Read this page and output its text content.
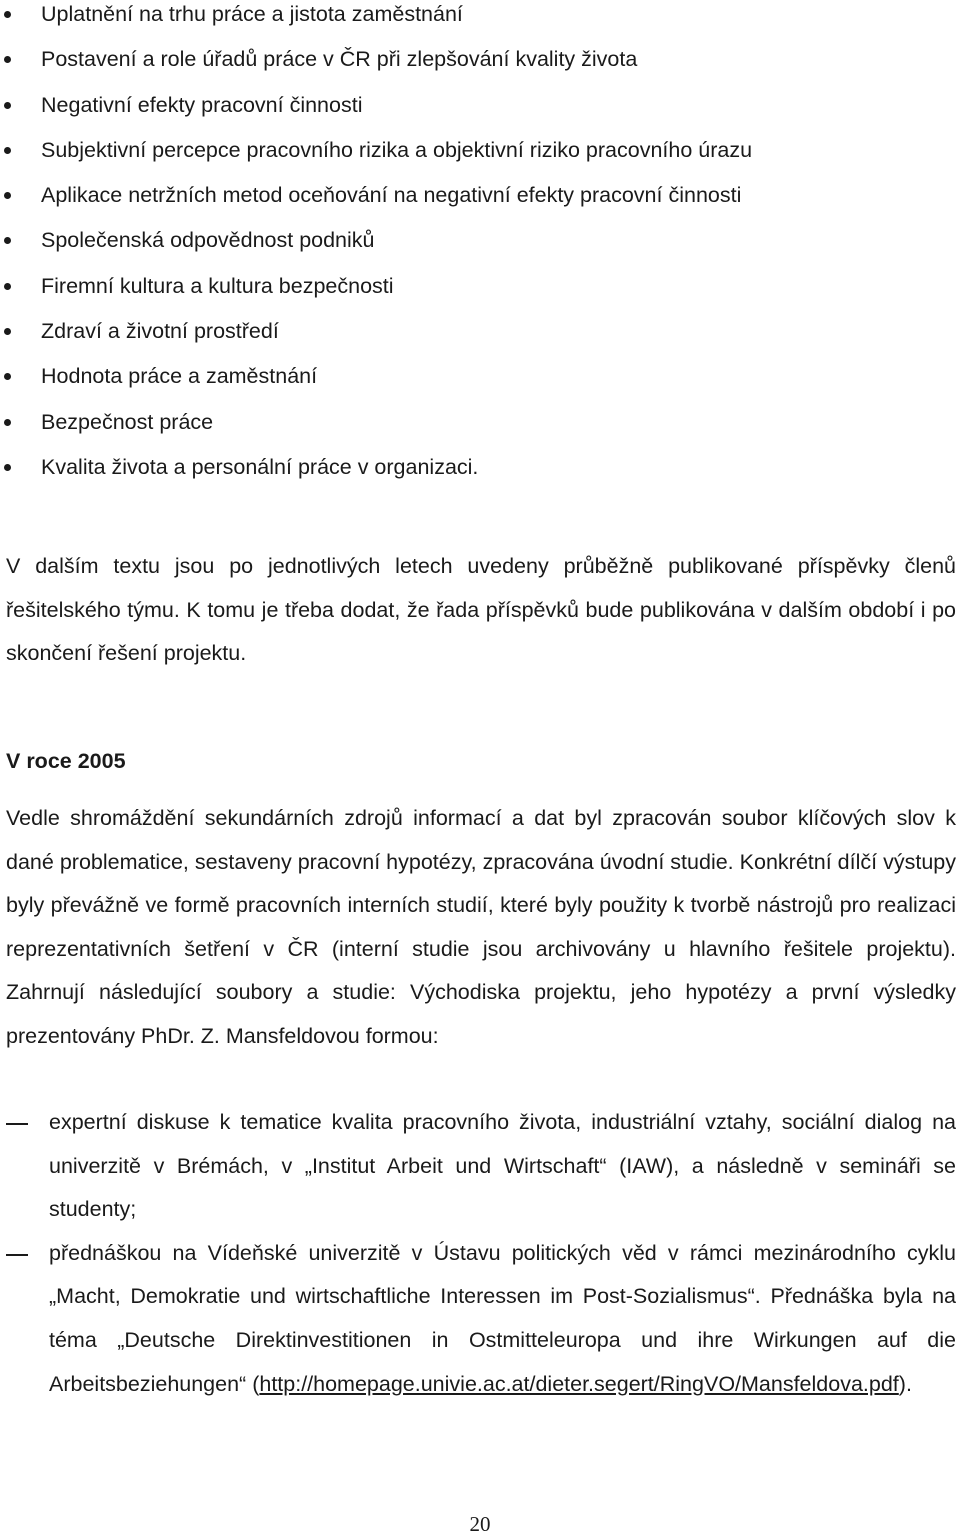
Uplatnění na trhu práce a jistota zaměstnání
Postavení a role úřadů práce v ČR při zlepšování kvality života
Negativní efekty pracovní činnosti
Subjektivní percepce pracovního rizika a objektivní riziko pracovního úrazu
Aplikace netržních metod oceňování na negativní efekty pracovní činnosti
Společenská odpovědnost podniků
Firemní kultura a kultura bezpečnosti
Zdraví a životní prostředí
Hodnota práce a zaměstnání
Bezpečnost práce
Kvalita života a personální práce v organizaci.

V dalším textu jsou po jednotlivých letech uvedeny průběžně publikované příspěvky členů řešitelského týmu. K tomu je třeba dodat, že řada příspěvků bude publikována v dalším období i po skončení řešení projektu.

V roce 2005

Vedle shromáždění sekundárních zdrojů informací a dat byl zpracován soubor klíčových slov k dané problematice, sestaveny pracovní hypotézy, zpracována úvodní studie. Konkrétní dílčí výstupy byly převážně ve formě pracovních interních studií, které byly použity k tvorbě nástrojů pro realizaci reprezentativních šetření v ČR (interní studie jsou archivovány u hlavního řešitele projektu). Zahrnují následující soubory a studie: Východiska projektu, jeho hypotézy a první výsledky prezentovány PhDr. Z. Mansfeldovou formou:

expertní diskuse k tematice kvalita pracovního života, industriální vztahy, sociální dialog na univerzitě v Brémách, v „Institut Arbeit und Wirtschaft“ (IAW), a následně v semináři se studenty;
přednáškou na Vídeňské univerzitě v Ústavu politických věd v rámci mezinárodního cyklu „Macht, Demokratie und wirtschaftliche Interessen im Post-Sozialismus“. Přednáška byla na téma „Deutsche Direktinvestitionen in Ostmitteleuropa und ihre Wirkungen auf die Arbeitsbeziehungen“ (http://homepage.univie.ac.at/dieter.segert/RingVO/Mansfeldova.pdf).
20
